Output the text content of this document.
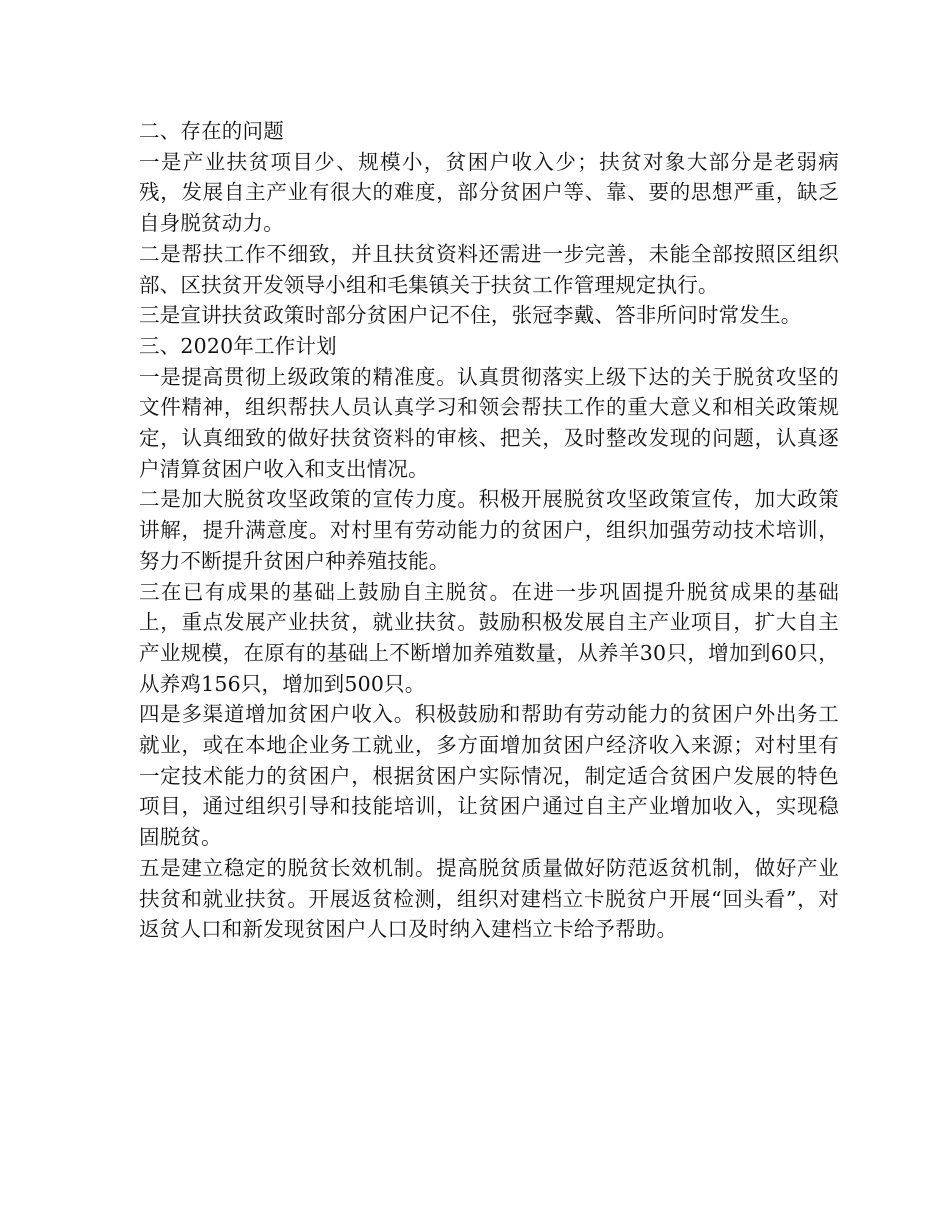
二、存在的问题

一是产业扶贫项目少、规模小，贫困户收入少；扶贫对象大部分是老弱病残，发展自主产业有很大的难度，部分贫困户等、靠、要的思想严重，缺乏自身脱贫动力。

二是帮扶工作不细致，并且扶贫资料还需进一步完善，未能全部按照区组织部、区扶贫开发领导小组和毛集镇关于扶贫工作管理规定执行。

三是宣讲扶贫政策时部分贫困户记不住，张冠李戴、答非所问时常发生。

三、2020年工作计划

一是提高贯彻上级政策的精准度。认真贯彻落实上级下达的关于脱贫攻坚的文件精神，组织帮扶人员认真学习和领会帮扶工作的重大意义和相关政策规定，认真细致的做好扶贫资料的审核、把关，及时整改发现的问题，认真逐户清算贫困户收入和支出情况。

二是加大脱贫攻坚政策的宣传力度。积极开展脱贫攻坚政策宣传，加大政策讲解，提升满意度。对村里有劳动能力的贫困户，组织加强劳动技术培训，努力不断提升贫困户种养殖技能。

三在已有成果的基础上鼓励自主脱贫。在进一步巩固提升脱贫成果的基础上，重点发展产业扶贫，就业扶贫。鼓励积极发展自主产业项目，扩大自主产业规模，在原有的基础上不断增加养殖数量，从养羊30只，增加到60只，从养鸡156只，增加到500只。

四是多渠道增加贫困户收入。积极鼓励和帮助有劳动能力的贫困户外出务工就业，或在本地企业务工就业，多方面增加贫困户经济收入来源；对村里有一定技术能力的贫困户，根据贫困户实际情况，制定适合贫困户发展的特色项目，通过组织引导和技能培训，让贫困户通过自主产业增加收入，实现稳固脱贫。

五是建立稳定的脱贫长效机制。提高脱贫质量做好防范返贫机制，做好产业扶贫和就业扶贫。开展返贫检测，组织对建档立卡脱贫户开展“回头看”，对返贫人口和新发现贫困户人口及时纳入建档立卡给予帮助。
